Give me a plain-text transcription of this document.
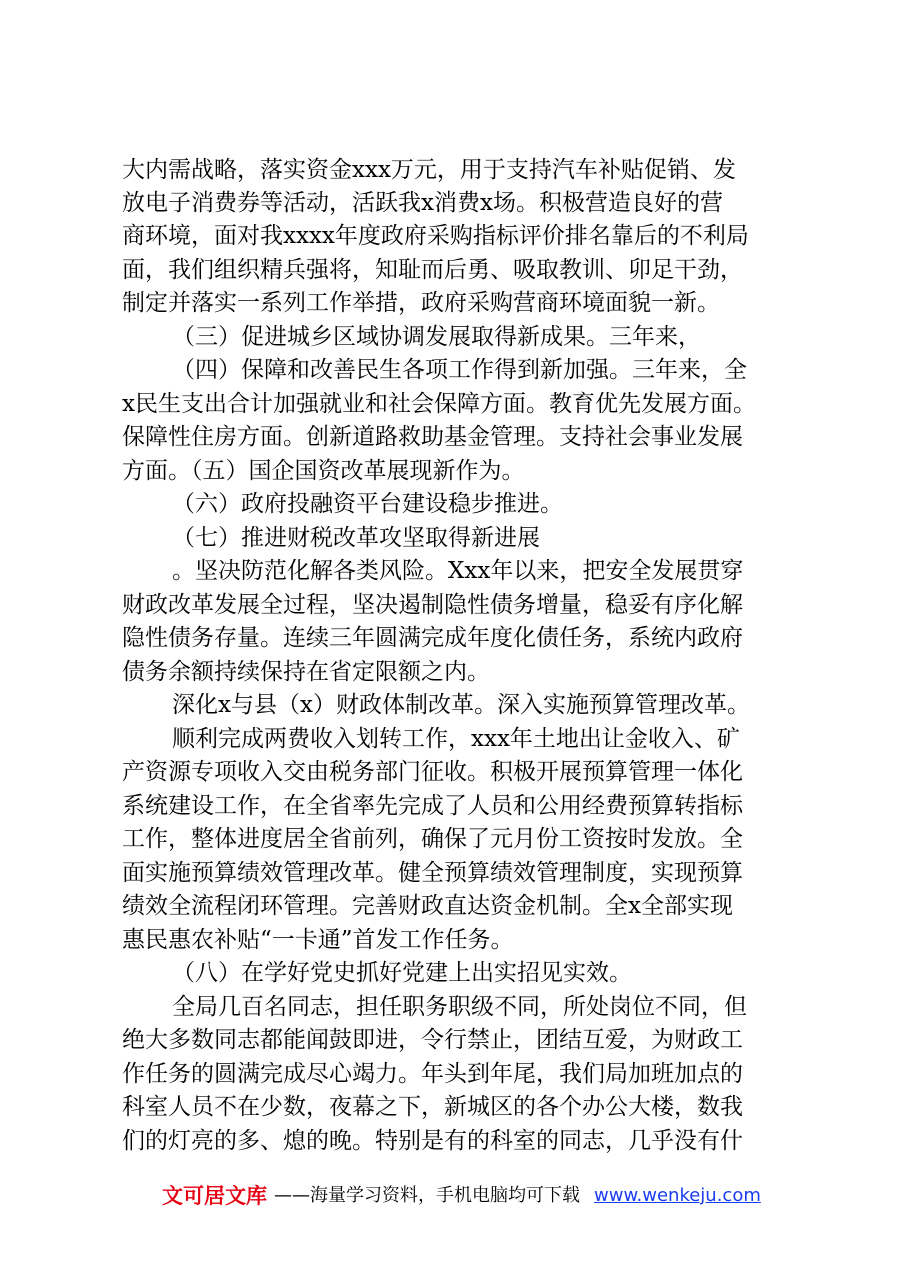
大内需战略，落实资金xxx万元，用于支持汽车补贴促销、发
放电子消费券等活动，活跃我x消费x场。积极营造良好的营
商环境，面对我xxxx年度政府采购指标评价排名靠后的不利局
面，我们组织精兵强将，知耻而后勇、吸取教训、卯足干劲，
制定并落实一系列工作举措，政府采购营商环境面貌一新。
（三）促进城乡区域协调发展取得新成果。三年来，
（四）保障和改善民生各项工作得到新加强。三年来，全
x民生支出合计加强就业和社会保障方面。教育优先发展方面。
保障性住房方面。创新道路救助基金管理。支持社会事业发展
方面。（五）国企国资改革展现新作为。
（六）政府投融资平台建设稳步推进。
（七）推进财税改革攻坚取得新进展
。坚决防范化解各类风险。Xxx年以来，把安全发展贯穿
财政改革发展全过程，坚决遏制隐性债务增量，稳妥有序化解
隐性债务存量。连续三年圆满完成年度化债任务，系统内政府
债务余额持续保持在省定限额之内。
深化x与县（x）财政体制改革。深入实施预算管理改革。
顺利完成两费收入划转工作，xxx年土地出让金收入、矿
产资源专项收入交由税务部门征收。积极开展预算管理一体化
系统建设工作，在全省率先完成了人员和公用经费预算转指标
工作，整体进度居全省前列，确保了元月份工资按时发放。全
面实施预算绩效管理改革。健全预算绩效管理制度，实现预算
绩效全流程闭环管理。完善财政直达资金机制。全x全部实现
惠民惠农补贴“一卡通”首发工作任务。
（八）在学好党史抓好党建上出实招见实效。
全局几百名同志，担任职务职级不同，所处岗位不同，但
绝大多数同志都能闻鼓即进，令行禁止，团结互爱，为财政工
作任务的圆满完成尽心竭力。年头到年尾，我们局加班加点的
科室人员不在少数，夜幕之下，新城区的各个办公大楼，数我
们的灯亮的多、熄的晚。特别是有的科室的同志，几乎没有什
文可居文库 ——海量学习资料，手机电脑均可下载 www.wenkeju.com
